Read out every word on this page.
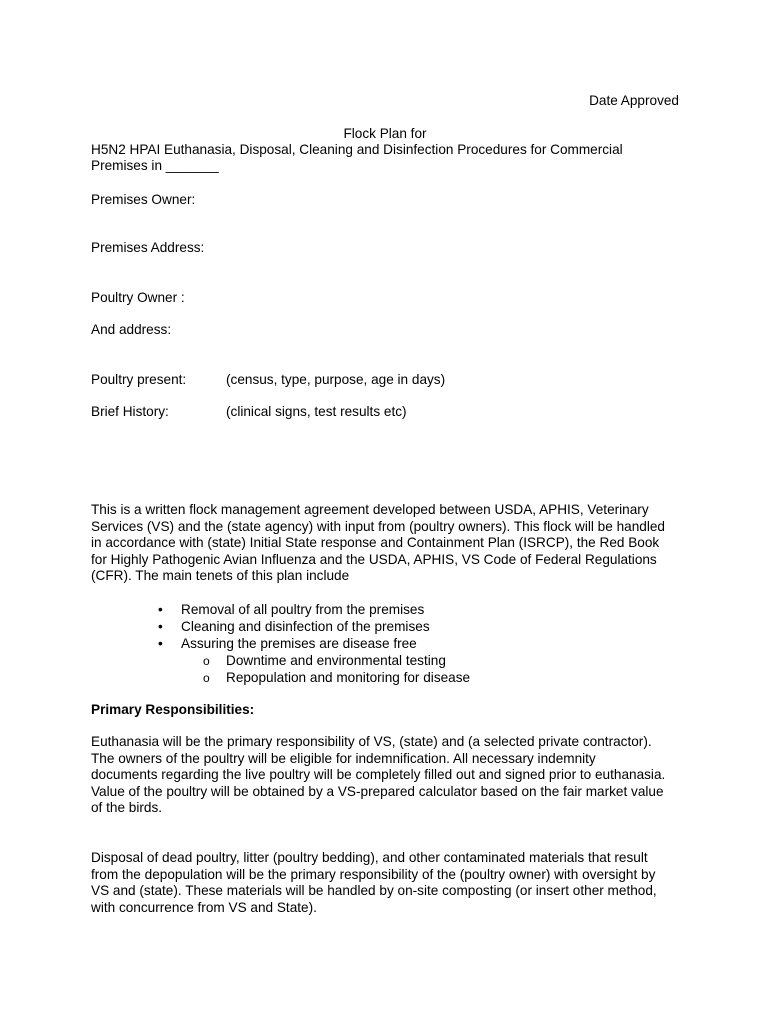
Date Approved
Flock Plan for
H5N2 HPAI Euthanasia, Disposal, Cleaning and Disinfection Procedures for Commercial
Premises in _______
Premises Owner:
Premises Address:
Poultry Owner :
And address:
Poultry present:	(census, type, purpose, age in days)
Brief History:	(clinical signs, test results etc)
This is a written flock management agreement developed between USDA, APHIS, Veterinary
Services (VS) and the (state agency) with input from (poultry owners). This flock will be handled
in accordance with (state) Initial State response and Containment Plan (ISRCP), the Red Book
for Highly Pathogenic Avian Influenza and the USDA, APHIS, VS Code of Federal Regulations
(CFR). The main tenets of this plan include
• Removal of all poultry from the premises
• Cleaning and disinfection of the premises
• Assuring the premises are disease free
o Downtime and environmental testing
o Repopulation and monitoring for disease
Primary Responsibilities:
Euthanasia will be the primary responsibility of VS, (state) and (a selected private contractor).
The owners of the poultry will be eligible for indemnification. All necessary indemnity
documents regarding the live poultry will be completely filled out and signed prior to euthanasia.
Value of the poultry will be obtained by a VS-prepared calculator based on the fair market value
of the birds.
Disposal of dead poultry, litter (poultry bedding), and other contaminated materials that result
from the depopulation will be the primary responsibility of the (poultry owner) with oversight by
VS and (state). These materials will be handled by on-site composting (or insert other method,
with concurrence from VS and State).
